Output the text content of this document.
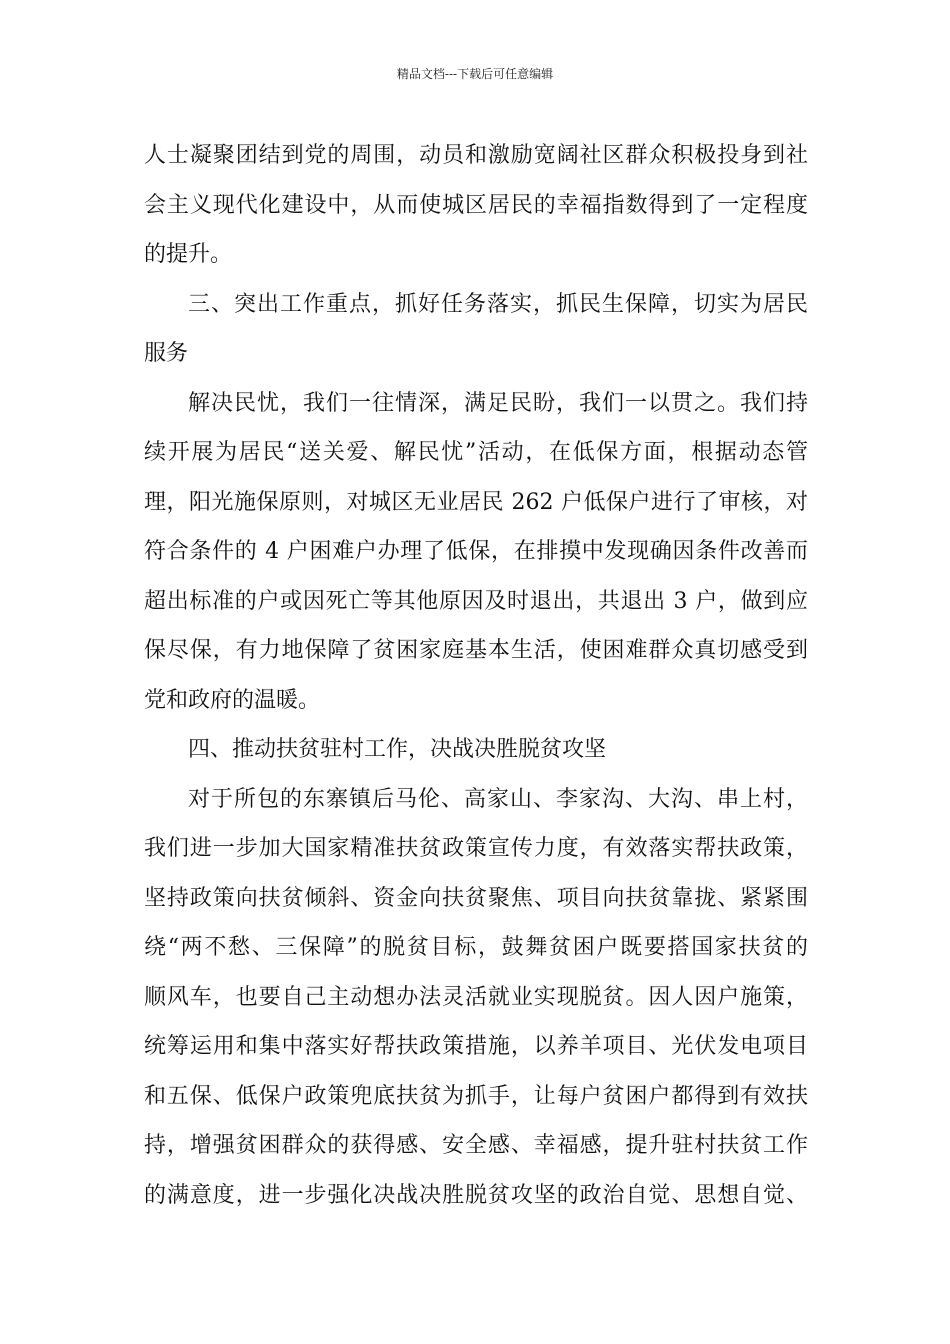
精品文档---下载后可任意编辑

人士凝聚团结到党的周围，动员和激励宽阔社区群众积极投身到社
会主义现代化建设中，从而使城区居民的幸福指数得到了一定程度
的提升。

三、突出工作重点，抓好任务落实，抓民生保障，切实为居民
服务

解决民忧，我们一往情深，满足民盼，我们一以贯之。我们持
续开展为居民“送关爱、解民忧”活动，在低保方面，根据动态管
理，阳光施保原则，对城区无业居民 262 户低保户进行了审核，对
符合条件的 4 户困难户办理了低保，在排摸中发现确因条件改善而
超出标准的户或因死亡等其他原因及时退出，共退出 3 户，做到应
保尽保，有力地保障了贫困家庭基本生活，使困难群众真切感受到
党和政府的温暖。

四、推动扶贫驻村工作，决战决胜脱贫攻坚

对于所包的东寨镇后马伦、高家山、李家沟、大沟、串上村，
我们进一步加大国家精准扶贫政策宣传力度，有效落实帮扶政策，
坚持政策向扶贫倾斜、资金向扶贫聚焦、项目向扶贫靠拢、紧紧围
绕“两不愁、三保障”的脱贫目标，鼓舞贫困户既要搭国家扶贫的
顺风车，也要自己主动想办法灵活就业实现脱贫。因人因户施策，
统筹运用和集中落实好帮扶政策措施，以养羊项目、光伏发电项目
和五保、低保户政策兜底扶贫为抓手，让每户贫困户都得到有效扶
持，增强贫困群众的获得感、安全感、幸福感，提升驻村扶贫工作
的满意度，进一步强化决战决胜脱贫攻坚的政治自觉、思想自觉、
